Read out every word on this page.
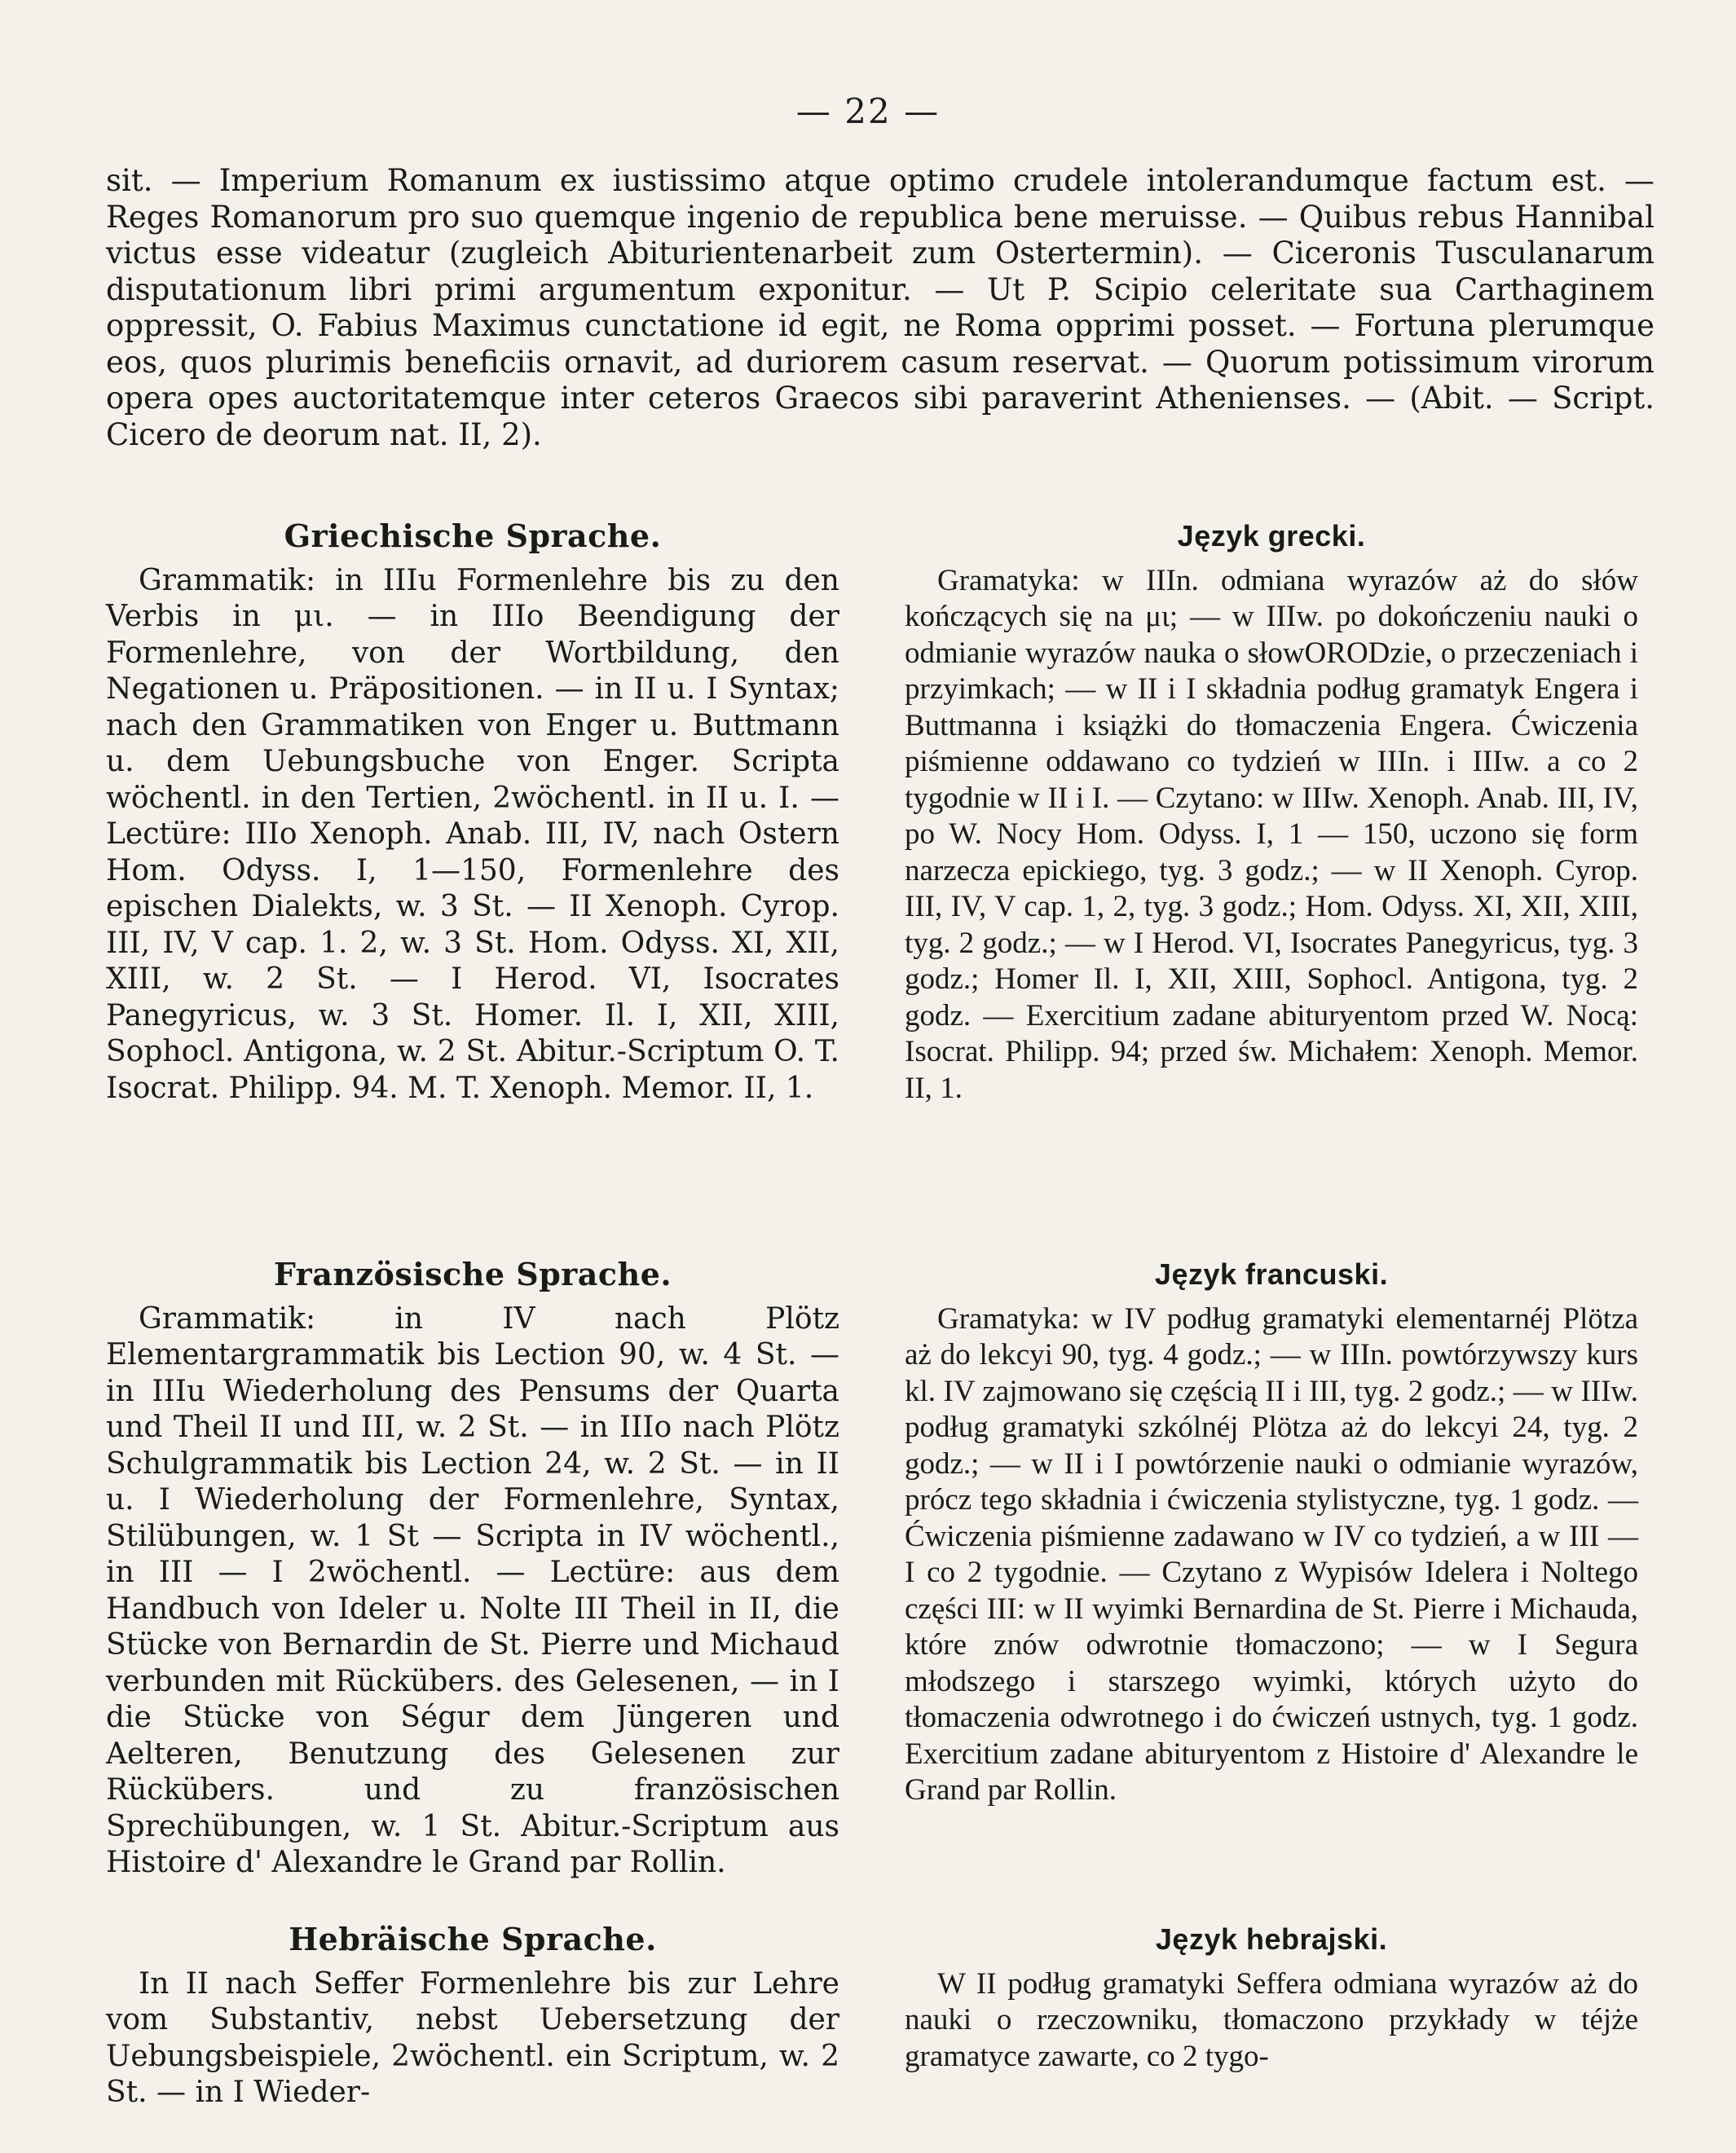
— 22 —

sit. — Imperium Romanum ex iustissimo atque optimo crudele intolerandumque factum est. — Reges Romanorum pro suo quemque ingenio de republica bene meruisse. — Quibus rebus Hannibal victus esse videatur (zugleich Abiturientenarbeit zum Ostertermin). — Ciceronis Tusculanarum disputationum libri primi argumentum exponitur. — Ut P. Scipio celeritate sua Carthaginem oppressit, O. Fabius Maximus cunctatione id egit, ne Roma opprimi posset. — Fortuna plerumque eos, quos plurimis beneficiis ornavit, ad duriorem casum reservat. — Quorum potissimum virorum opera opes auctoritatemque inter ceteros Graecos sibi paraverint Athenienses. — (Abit. — Script. Cicero de deorum nat. II, 2).

Griechische Sprache.

Grammatik: in IIIu Formenlehre bis zu den Verbis in μι. — in IIIo Beendigung der Formenlehre, von der Wortbildung, den Negationen u. Präpositionen. — in II u. I Syntax; nach den Grammatiken von Enger u. Buttmann u. dem Uebungsbuche von Enger. Scripta wöchentl. in den Tertien, 2wöchentl. in II u. I. — Lectüre: IIIo Xenoph. Anab. III, IV, nach Ostern Hom. Odyss. I, 1—150, Formenlehre des epischen Dialekts, w. 3 St. — II Xenoph. Cyrop. III, IV, V cap. 1. 2, w. 3 St. Hom. Odyss. XI, XII, XIII, w. 2 St. — I Herod. VI, Isocrates Panegyricus, w. 3 St. Homer. Il. I, XII, XIII, Sophocl. Antigona, w. 2 St. Abitur.-Scriptum O. T. Isocrat. Philipp. 94. M. T. Xenoph. Memor. II, 1.

Französische Sprache.

Grammatik: in IV nach Plötz Elementargrammatik bis Lection 90, w. 4 St. — in IIIu Wiederholung des Pensums der Quarta und Theil II und III, w. 2 St. — in IIIo nach Plötz Schulgrammatik bis Lection 24, w. 2 St. — in II u. I Wiederholung der Formenlehre, Syntax, Stilübungen, w. 1 St — Scripta in IV wöchentl., in III — I 2wöchentl. — Lectüre: aus dem Handbuch von Ideler u. Nolte III Theil in II, die Stücke von Bernardin de St. Pierre und Michaud verbunden mit Rückübers. des Gelesenen, — in I die Stücke von Ségur dem Jüngeren und Aelteren, Benutzung des Gelesenen zur Rückübers. und zu französischen Sprechübungen, w. 1 St. Abitur.-Scriptum aus Histoire d' Alexandre le Grand par Rollin.

Hebräische Sprache.

In II nach Seffer Formenlehre bis zur Lehre vom Substantiv, nebst Uebersetzung der Uebungsbeispiele, 2wöchentl. ein Scriptum, w. 2 St. — in I Wieder-

Język grecki.

Gramatyka: w IIIn. odmiana wyrazów aż do słów kończących się na μι; — w IIIw. po dokończeniu nauki o odmianie wyrazów nauka o słowORODzie, o przeczeniach i przyimkach; — w II i I składnia podług gramatyk Engera i Buttmanna i książki do tłomaczenia Engera. Ćwiczenia piśmienne oddawano co tydzień w IIIn. i IIIw. a co 2 tygodnie w II i I. — Czytano: w IIIw. Xenoph. Anab. III, IV, po W. Nocy Hom. Odyss. I, 1 — 150, uczono się form narzecza epickiego, tyg. 3 godz.; — w II Xenoph. Cyrop. III, IV, V cap. 1, 2, tyg. 3 godz.; Hom. Odyss. XI, XII, XIII, tyg. 2 godz.; — w I Herod. VI, Isocrates Panegyricus, tyg. 3 godz.; Homer Il. I, XII, XIII, Sophocl. Antigona, tyg. 2 godz. — Exercitium zadane abituryentom przed W. Nocą: Isocrat. Philipp. 94; przed św. Michałem: Xenoph. Memor. II, 1.

Język francuski.

Gramatyka: w IV podług gramatyki elementarnéj Plötza aż do lekcyi 90, tyg. 4 godz.; — w IIIn. powtórzywszy kurs kl. IV zajmowano się częścią II i III, tyg. 2 godz.; — w IIIw. podług gramatyki szkólnéj Plötza aż do lekcyi 24, tyg. 2 godz.; — w II i I powtórzenie nauki o odmianie wyrazów, prócz tego składnia i ćwiczenia stylistyczne, tyg. 1 godz. — Ćwiczenia piśmienne zadawano w IV co tydzień, a w III — I co 2 tygodnie. — Czytano z Wypisów Idelera i Noltego części III: w II wyimki Bernardina de St. Pierre i Michauda, które znów odwrotnie tłomaczono; — w I Segura młodszego i starszego wyimki, których użyto do tłomaczenia odwrotnego i do ćwiczeń ustnych, tyg. 1 godz. Exercitium zadane abituryentom z Histoire d' Alexandre le Grand par Rollin.

Język hebrajski.

W II podług gramatyki Seffera odmiana wyrazów aż do nauki o rzeczowniku, tłomaczono przykłady w téjże gramatyce zawarte, co 2 tygo-
